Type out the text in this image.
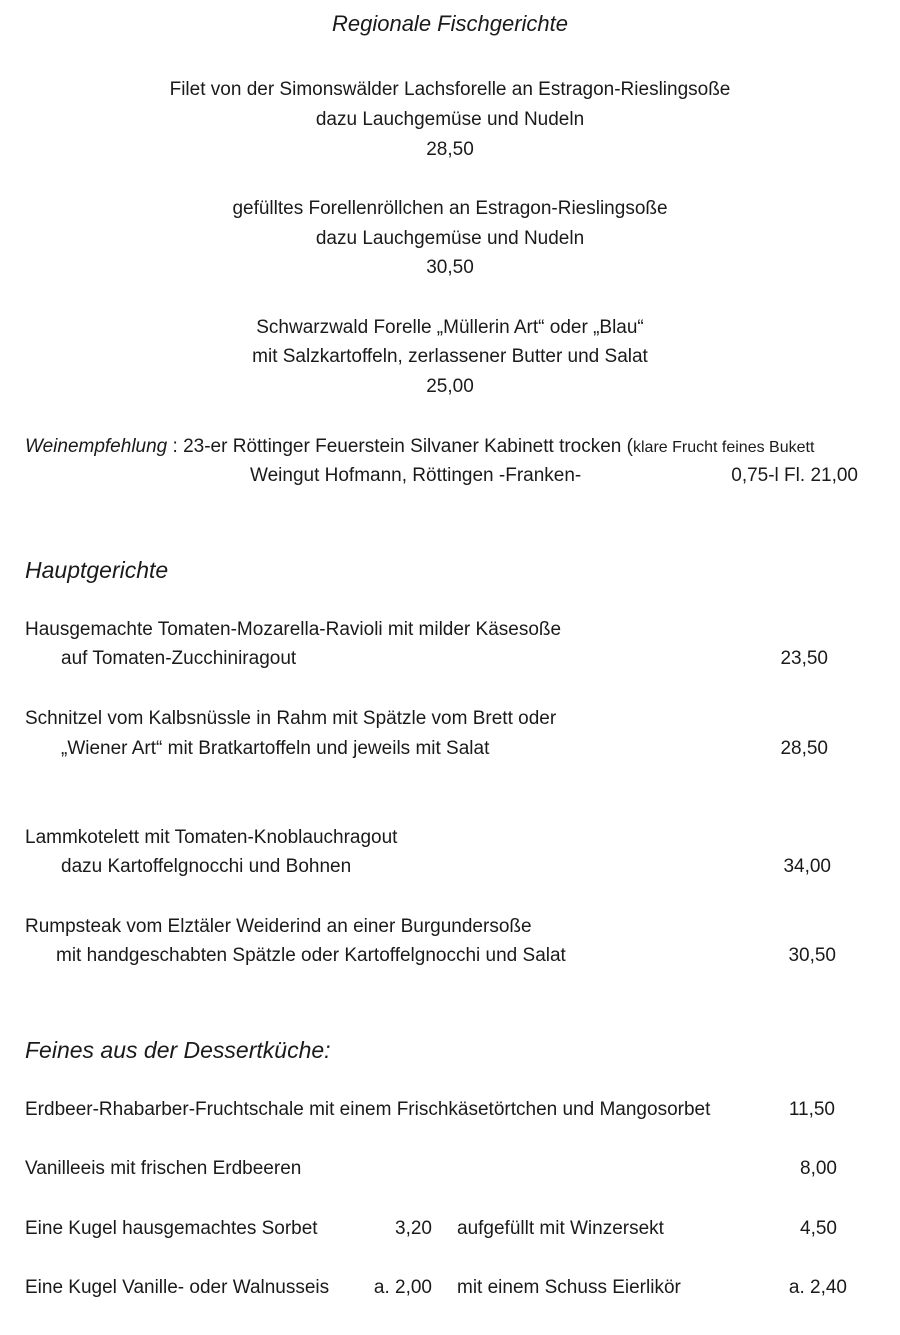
Regionale Fischgerichte
Filet von der Simonswälder Lachsforelle an Estragon-Rieslingsoße
dazu Lauchgemüse und Nudeln
28,50
gefülltes Forellenröllchen an Estragon-Rieslingsoße
dazu Lauchgemüse und Nudeln
30,50
Schwarzwald Forelle „Müllerin Art“ oder „Blau“
mit Salzkartoffeln, zerlassener Butter und Salat
25,00
Weinempfehlung : 23-er Röttinger Feuerstein Silvaner Kabinett trocken (klare Frucht feines Bukett
Weingut Hofmann, Röttingen -Franken-	0,75-l Fl. 21,00
Hauptgerichte
Hausgemachte Tomaten-Mozarella-Ravioli mit milder Käsesoße
auf Tomaten-Zucchiniragout	23,50
Schnitzel vom Kalbsnüssle in Rahm mit Spätzle vom Brett oder
„Wiener Art“ mit Bratkartoffeln und jeweils mit Salat	28,50
Lammkotelett mit Tomaten-Knoblauchragout
dazu Kartoffelgnocchi und Bohnen	34,00
Rumpsteak vom Elztäler Weiderind an einer Burgundersoße
mit handgeschabten Spätzle oder Kartoffelgnocchi und Salat	30,50
Feines aus der Dessertküche:
Erdbeer-Rhabarber-Fruchtschale mit einem Frischkäsetörtchen und Mangosorbet	11,50
Vanilleeis mit frischen Erdbeeren	8,00
Eine Kugel hausgemachtes Sorbet	3,20 aufgefüllt mit Winzersekt	4,50
Eine Kugel Vanille- oder Walnusseis a. 2,00 mit einem Schuss Eierlikör	a. 2,40
